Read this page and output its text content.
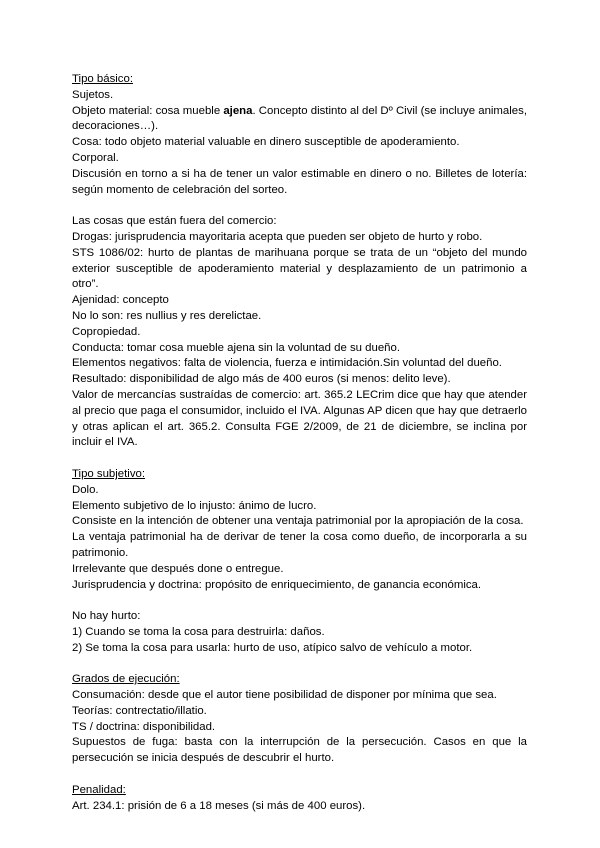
Tipo básico:
Sujetos.
Objeto material: cosa mueble ajena. Concepto distinto al del Dº Civil (se incluye animales, decoraciones…).
Cosa: todo objeto material valuable en dinero susceptible de apoderamiento.
Corporal.
Discusión en torno a si ha de tener un valor estimable en dinero o no. Billetes de lotería: según momento de celebración del sorteo.
Las cosas que están fuera del comercio:
Drogas: jurisprudencia mayoritaria acepta que pueden ser objeto de hurto y robo.
STS 1086/02: hurto de plantas de marihuana porque se trata de un “objeto del mundo exterior susceptible de apoderamiento material y desplazamiento de un patrimonio a otro”.
Ajenidad: concepto
No lo son: res nullius y res derelictae.
Copropiedad.
Conducta: tomar cosa mueble ajena sin la voluntad de su dueño.
Elementos negativos: falta de violencia, fuerza e intimidación.Sin voluntad del dueño.
Resultado: disponibilidad de algo más de 400 euros (si menos: delito leve).
Valor de mercancías sustraídas de comercio: art. 365.2 LECrim dice que hay que atender al precio que paga el consumidor, incluido el IVA. Algunas AP dicen que hay que detraerlo y otras aplican el art. 365.2. Consulta FGE 2/2009, de 21 de diciembre, se inclina por incluir el IVA.
Tipo subjetivo:
Dolo.
Elemento subjetivo de lo injusto: ánimo de lucro.
Consiste en la intención de obtener una ventaja patrimonial por la apropiación de la cosa.
La ventaja patrimonial ha de derivar de tener la cosa como dueño, de incorporarla a su patrimonio.
Irrelevante que después done o entregue.
Jurisprudencia y doctrina: propósito de enriquecimiento, de ganancia económica.
No hay hurto:
1) Cuando se toma la cosa para destruirla: daños.
2) Se toma la cosa para usarla: hurto de uso, atípico salvo de vehículo a motor.
Grados de ejecución:
Consumación: desde que el autor tiene posibilidad de disponer por mínima que sea.
Teorías: contrectatio/illatio.
TS / doctrina: disponibilidad.
Supuestos de fuga: basta con la interrupción de la persecución. Casos en que la persecución se inicia después de descubrir el hurto.
Penalidad:
Art. 234.1: prisión de 6 a 18 meses (si más de 400 euros).
